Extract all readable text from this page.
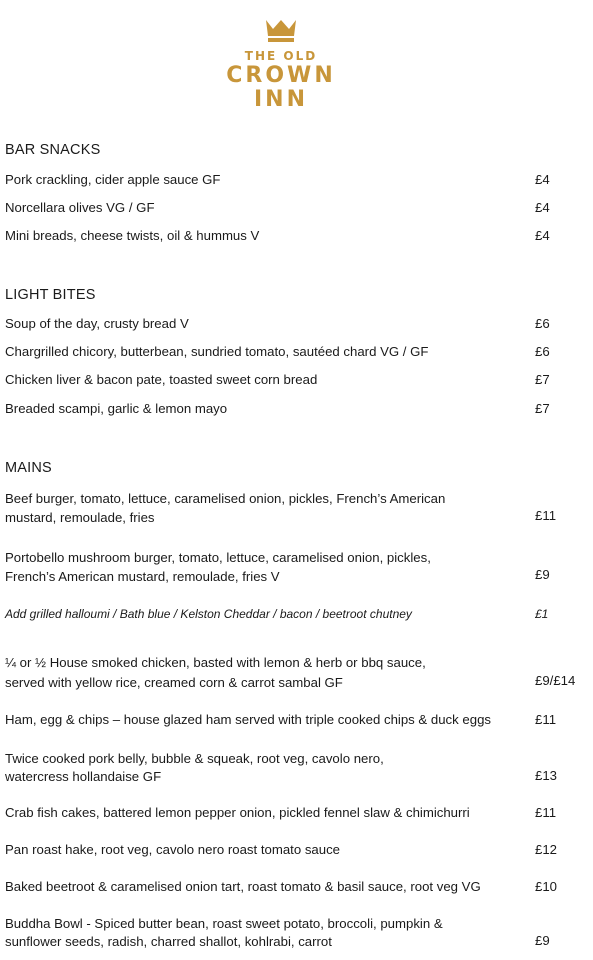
THE OLD
CROWN
INN
BAR SNACKS
Pork crackling, cider apple sauce GF	£4
Norcellara olives VG / GF	£4
Mini breads, cheese twists, oil & hummus V	£4
LIGHT BITES
Soup of the day, crusty bread V	£6
Chargrilled chicory, butterbean, sundried tomato, sautéed chard VG / GF	£6
Chicken liver & bacon pate, toasted sweet corn bread	£7
Breaded scampi, garlic & lemon mayo	£7
MAINS
Beef burger, tomato, lettuce, caramelised onion, pickles, French’s American
mustard, remoulade, fries	£11
Portobello mushroom burger, tomato, lettuce, caramelised onion, pickles,
French’s American mustard, remoulade, fries V	£9
Add grilled halloumi / Bath blue / Kelston Cheddar / bacon / beetroot chutney	£1
¼ or ½ House smoked chicken, basted with lemon & herb or bbq sauce,
served with yellow rice, creamed corn & carrot sambal GF	£9/£14
Ham, egg & chips – house glazed ham served with triple cooked chips & duck eggs	£11
Twice cooked pork belly, bubble & squeak, root veg, cavolo nero,
watercress hollandaise GF	£13
Crab fish cakes, battered lemon pepper onion, pickled fennel slaw & chimichurri	£11
Pan roast hake, root veg, cavolo nero roast tomato sauce	£12
Baked beetroot & caramelised onion tart, roast tomato & basil sauce, root veg VG	£10
Buddha Bowl - Spiced butter bean, roast sweet potato, broccoli, pumpkin &
sunflower seeds, radish, charred shallot, kohlrabi, carrot	£9
